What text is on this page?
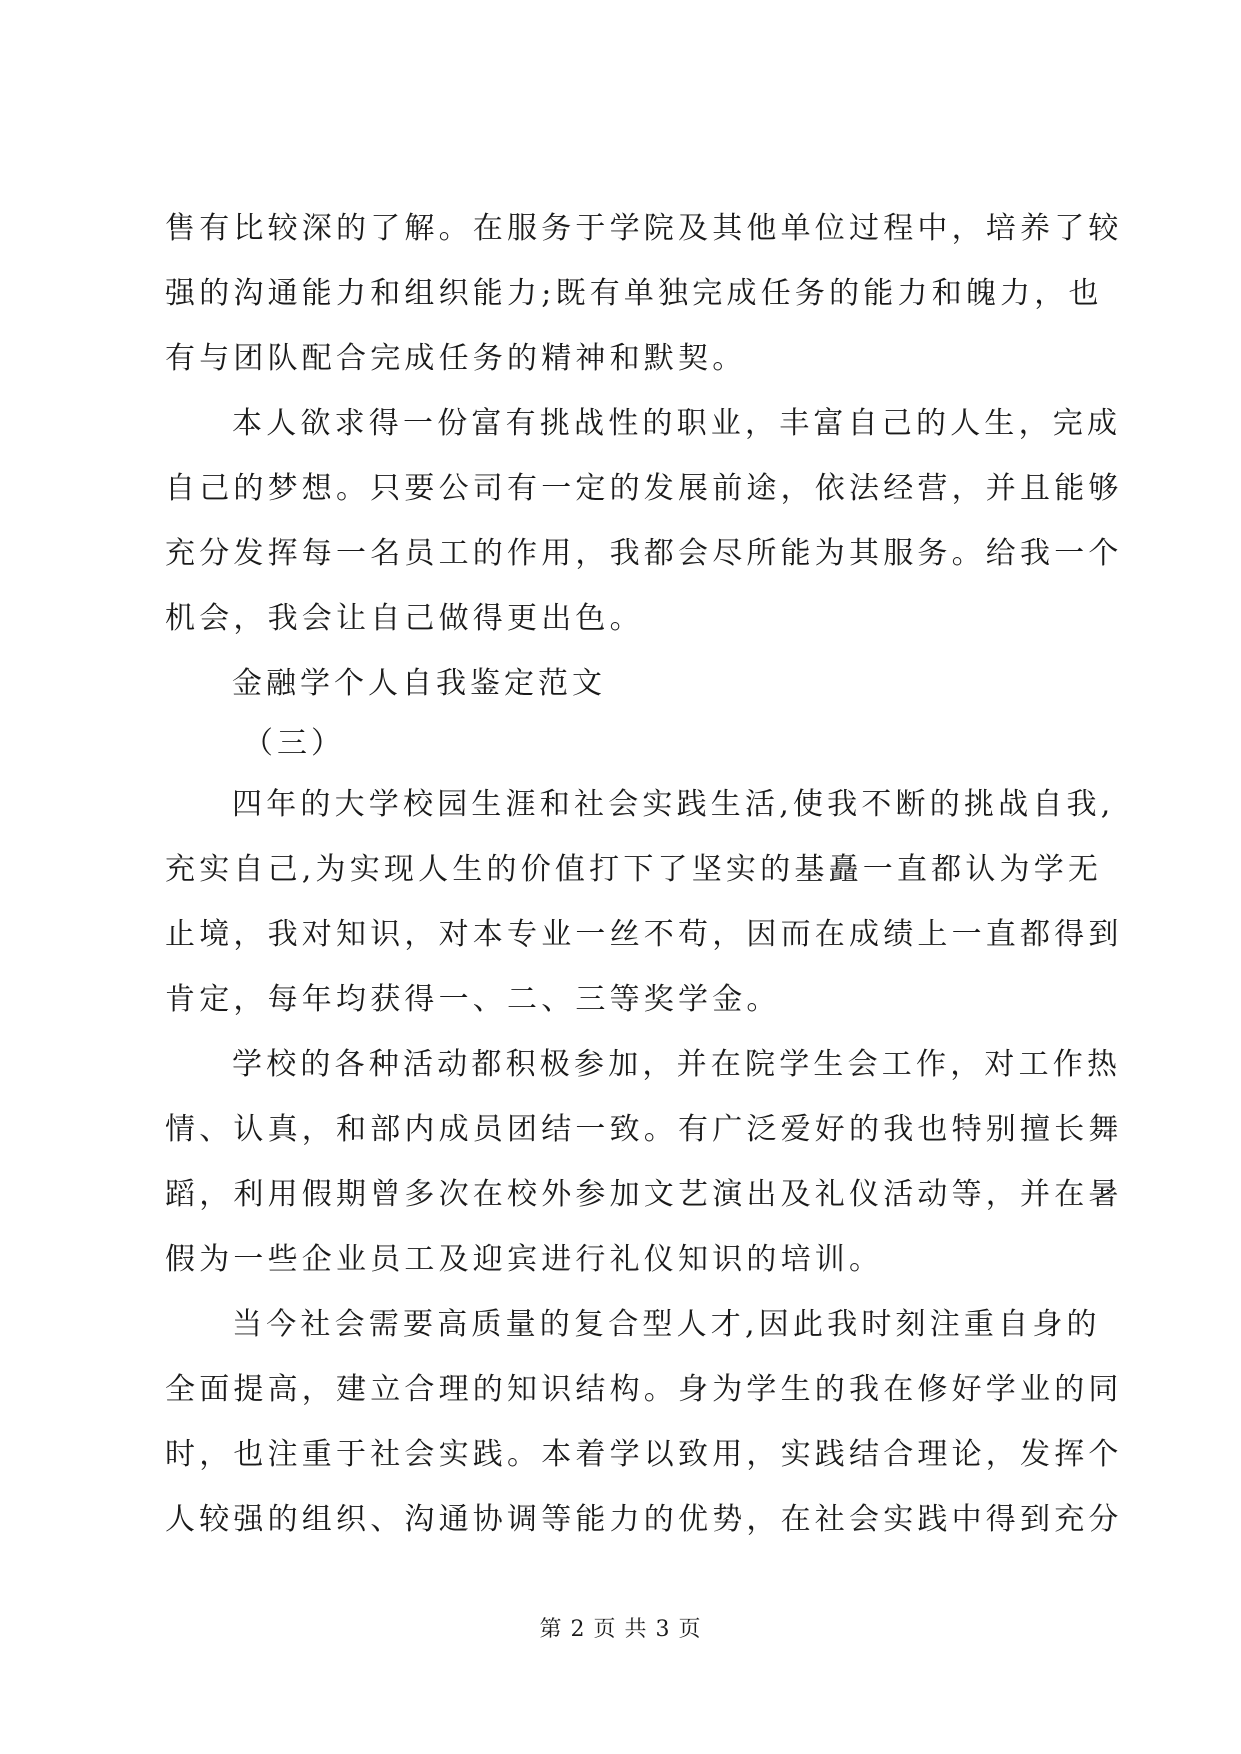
售有比较深的了解。在服务于学院及其他单位过程中，培养了较
强的沟通能力和组织能力;既有单独完成任务的能力和魄力，也
有与团队配合完成任务的精神和默契。
本人欲求得一份富有挑战性的职业，丰富自己的人生，完成
自己的梦想。只要公司有一定的发展前途，依法经营，并且能够
充分发挥每一名员工的作用，我都会尽所能为其服务。给我一个
机会，我会让自己做得更出色。
金融学个人自我鉴定范文
（三）
四年的大学校园生涯和社会实践生活,使我不断的挑战自我,
充实自己,为实现人生的价值打下了坚实的基矗一直都认为学无
止境，我对知识，对本专业一丝不苟，因而在成绩上一直都得到
肯定，每年均获得一、二、三等奖学金。
学校的各种活动都积极参加，并在院学生会工作，对工作热
情、认真，和部内成员团结一致。有广泛爱好的我也特别擅长舞
蹈，利用假期曾多次在校外参加文艺演出及礼仪活动等，并在暑
假为一些企业员工及迎宾进行礼仪知识的培训。
当今社会需要高质量的复合型人才,因此我时刻注重自身的
全面提高，建立合理的知识结构。身为学生的我在修好学业的同
时，也注重于社会实践。本着学以致用，实践结合理论，发挥个
人较强的组织、沟通协调等能力的优势，在社会实践中得到充分
第 2 页 共 3 页
